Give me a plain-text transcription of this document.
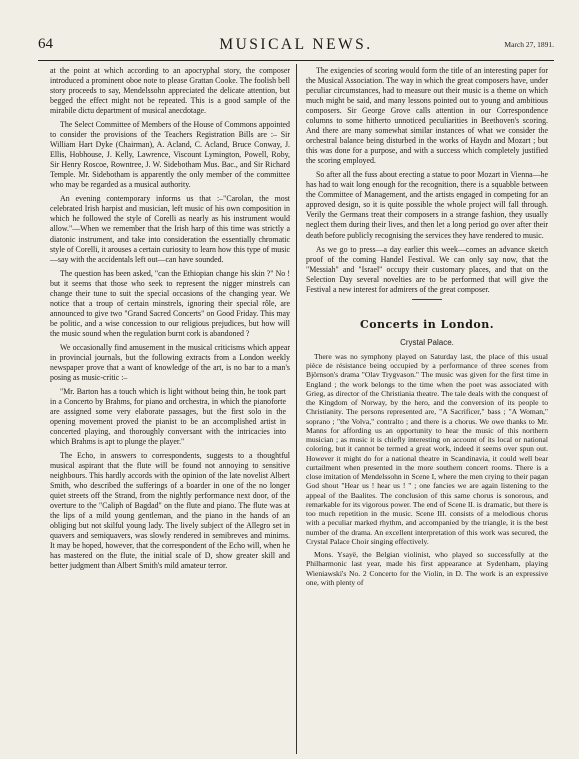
64	MUSICAL NEWS.	March 27, 1891.

at the point at which according to an apocryphal story, the composer introduced a prominent oboe note to please Grattan Cooke. The foolish bell story proceeds to say, Mendelssohn appreciated the delicate attention, but begged the effect might not be repeated. This is a good sample of the mirabile dictu department of musical anecdotage.

The Select Committee of Members of the House of Commons appointed to consider the provisions of the Teachers Registration Bills are :– Sir William Hart Dyke (Chairman), A. Acland, C. Acland, Bruce Conway, J. Ellis, Hobhouse, J. Kelly, Lawrence, Viscount Lymington, Powell, Roby, Sir Henry Roscoe, Rowntree, J. W. Sidebotham Mus. Bac., and Sir Richard Temple. Mr. Sidebotham is apparently the only member of the committee who may be regarded as a musical authority.

An evening contemporary informs us that :–"Carolan, the most celebrated Irish harpist and musician, left music of his own composition in which he followed the style of Corelli as nearly as his instrument would allow."—When we remember that the Irish harp of this time was strictly a diatonic instrument, and take into consideration the essentially chromatic style of Corelli, it arouses a certain curiosity to learn how this type of music—say with the accidentals left out—can have sounded.

The question has been asked, "can the Ethiopian change his skin ?" No ! but it seems that those who seek to represent the nigger minstrels can change their tune to suit the special occasions of the changing year. We notice that a troup of certain minstrels, ignoring their special rôle, are announced to give two "Grand Sacred Concerts" on Good Friday. This may be politic, and a wise concession to our religious prejudices, but how will the music sound when the regulation burnt cork is abandoned ?

We occasionally find amusement in the musical criticisms which appear in provincial journals, but the following extracts from a London weekly newspaper prove that a want of knowledge of the art, is no bar to a man's posing as music-critic :–

"Mr. Barton has a touch which is light without being thin, he took part in a Concerto by Brahms, for piano and orchestra, in which the pianoforte are assigned some very elaborate passages, but the first solo in the opening movement proved the pianist to be an accomplished artist in concerted playing, and thoroughly conversant with the intricacies into which Brahms is apt to plunge the player."

The Echo, in answers to correspondents, suggests to a thoughtful musical aspirant that the flute will be found not annoying to sensitive neighbours. This hardly accords with the opinion of the late novelist Albert Smith, who described the sufferings of a boarder in one of the no longer quiet streets off the Strand, from the nightly performance next door, of the overture to the "Caliph of Bagdad" on the flute and piano. The flute was at the lips of a mild young gentleman, and the piano in the hands of an obliging but not skilful young lady. The lively subject of the Allegro set in quavers and semiquavers, was slowly rendered in semibreves and minims. It may be hoped, however, that the correspondent of the Echo will, when he has mastered on the flute, the initial scale of D, show greater skill and better judgment than Albert Smith's mild amateur terror.

The exigencies of scoring would form the title of an interesting paper for the Musical Association. The way in which the great composers have, under peculiar circumstances, had to measure out their music is a theme on which much might be said, and many lessons pointed out to young and ambitious composers. Sir George Grove calls attention in our Correspondence columns to some hitherto unnoticed peculiarities in Beethoven's scoring. And there are many somewhat similar instances of what we consider the orchestral balance being disturbed in the works of Haydn and Mozart ; but this was done for a purpose, and with a success which completely justified the scoring employed.

So after all the fuss about erecting a statue to poor Mozart in Vienna—he has had to wait long enough for the recognition, there is a squabble between the Committee of Management, and the artists engaged in competing for an approved design, so it is quite possible the whole project will fall through. Verily the Germans treat their composers in a strange fashion, they usually neglect them during their lives, and then let a long period go over after their death before publicly recognising the services they have rendered to music.

As we go to press—a day earlier this week—comes an advance sketch proof of the coming Handel Festival. We can only say now, that the "Messiah" and "Israel" occupy their customary places, and that on the Selection Day several novelties are to be performed that will give the Festival a new interest for admirers of the great composer.

Concerts in London.
Crystal Palace.

There was no symphony played on Saturday last, the place of this usual pièce de résistance being occupied by a performance of three scenes from Björnson's drama "Olav Trygvason." The music was given for the first time in England ; the work belongs to the time when the poet was associated with Grieg, as director of the Christiania theatre. The tale deals with the conquest of the Kingdom of Norway, by the hero, and the conversion of its people to Christianity. The persons represented are, "A Sacrificer," bass ; "A Woman," soprano ; "the Volva," contralto ; and there is a chorus. We owe thanks to Mr. Manns for affording us an opportunity to hear the music of this northern musician ; as music it is chiefly interesting on account of its local or national coloring, but it cannot be termed a great work, indeed it seems over spun out. However it might do for a national theatre in Scandinavia, it could well bear curtailment when presented in the more southern concert rooms. There is a close imitation of Mendelssohn in Scene I, where the men crying to their pagan God shout "Hear us ! hear us ! " ; one fancies we are again listening to the appeal of the Baalites. The conclusion of this same chorus is sonorous, and remarkable for its vigorous power. The end of Scene II. is dramatic, but there is too much repetition in the music. Scene III. consists of a melodious chorus with a peculiar marked rhythm, and accompanied by the triangle, it is the best number of the drama. An excellent interpretation of this work was secured, the Crystal Palace Choir singing effectively.

Mons. Ysayë, the Belgian violinist, who played so successfully at the Philharmonic last year, made his first appearance at Sydenham, playing Wieniawski's No. 2 Concerto for the Violin, in D. The work is an expressive one, with plenty of
